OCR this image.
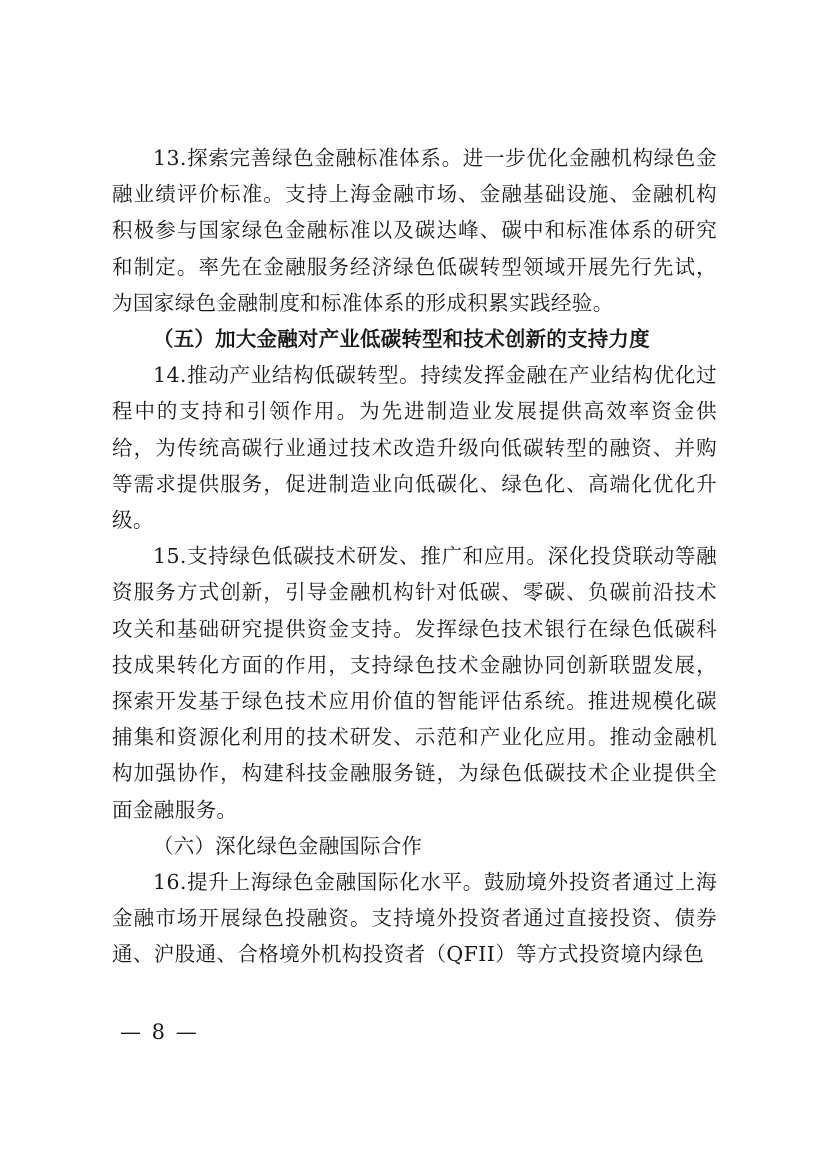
13.探索完善绿色金融标准体系。进一步优化金融机构绿色金融业绩评价标准。支持上海金融市场、金融基础设施、金融机构积极参与国家绿色金融标准以及碳达峰、碳中和标准体系的研究和制定。率先在金融服务经济绿色低碳转型领域开展先行先试，为国家绿色金融制度和标准体系的形成积累实践经验。

（五）加大金融对产业低碳转型和技术创新的支持力度

14.推动产业结构低碳转型。持续发挥金融在产业结构优化过程中的支持和引领作用。为先进制造业发展提供高效率资金供给，为传统高碳行业通过技术改造升级向低碳转型的融资、并购等需求提供服务，促进制造业向低碳化、绿色化、高端化优化升级。

15.支持绿色低碳技术研发、推广和应用。深化投贷联动等融资服务方式创新，引导金融机构针对低碳、零碳、负碳前沿技术攻关和基础研究提供资金支持。发挥绿色技术银行在绿色低碳科技成果转化方面的作用，支持绿色技术金融协同创新联盟发展，探索开发基于绿色技术应用价值的智能评估系统。推进规模化碳捕集和资源化利用的技术研发、示范和产业化应用。推动金融机构加强协作，构建科技金融服务链，为绿色低碳技术企业提供全面金融服务。

（六）深化绿色金融国际合作

16.提升上海绿色金融国际化水平。鼓励境外投资者通过上海金融市场开展绿色投融资。支持境外投资者通过直接投资、债券通、沪股通、合格境外机构投资者（QFII）等方式投资境内绿色

— 8 —
